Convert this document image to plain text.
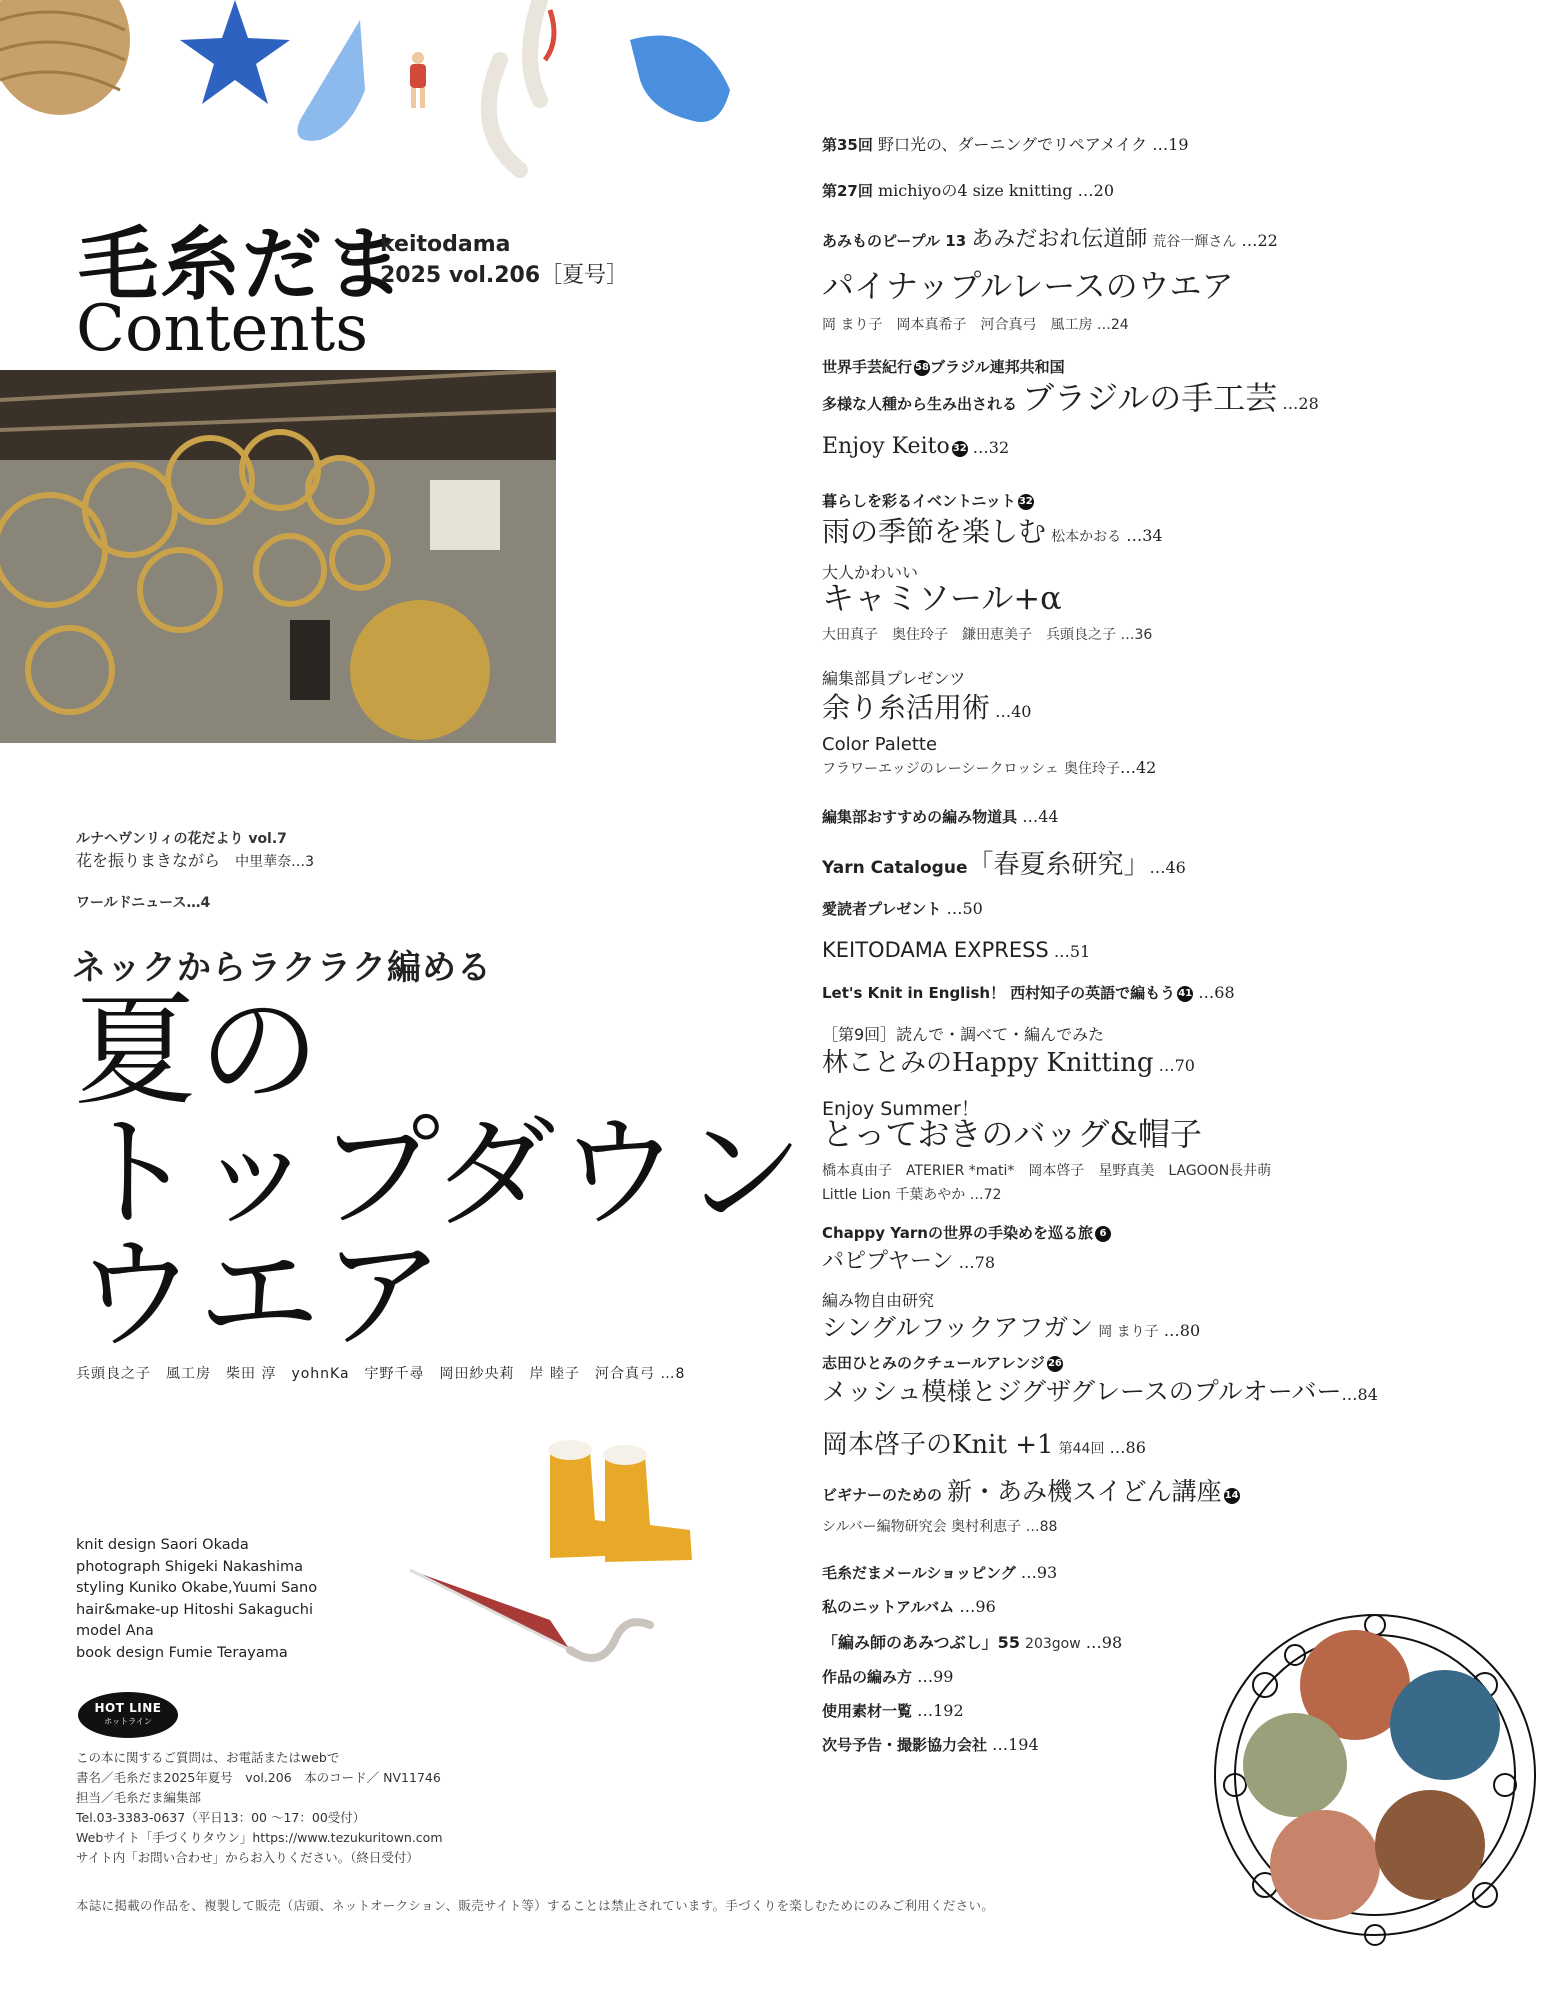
毛糸だま
keitodama
2025 vol.206［夏号］
Contents
ルナヘヴンリィの花だより vol.7
花を振りまきながら 中里華奈…3
ワールドニュース…4
ネックからラクラク編める
夏の
トップダウン
ウエア
兵頭良之子　風工房　柴田 淳　yohnKa　宇野千尋　岡田紗央莉　岸 睦子　河合真弓 …8
knit design Saori Okada
photograph Shigeki Nakashima
styling Kuniko Okabe,Yuumi Sano
hair&make-up Hitoshi Sakaguchi
model Ana
book design Fumie Terayama
HOT LINE
ホットライン
この本に関するご質問は、お電話またはwebで
書名／毛糸だま2025年夏号　vol.206　本のコード／ NV11746
担当／毛糸だま編集部
Tel.03-3383-0637（平日13：00 〜17：00受付）
Webサイト「手づくりタウン」https://www.tezukuritown.com
サイト内「お問い合わせ」からお入りください。（終日受付）
本誌に掲載の作品を、複製して販売（店頭、ネットオークション、販売サイト等）することは禁止されています。手づくりを楽しむためにのみご利用ください。
第35回 野口光の、ダーニングでリペアメイク …19
第27回 michiyoの4 size knitting …20
あみものピープル 13 あみだおれ伝道師 荒谷一輝さん …22
パイナップルレースのウエア
岡 まり子　岡本真希子　河合真弓　風工房 …24
世界手芸紀行 58ブラジル連邦共和国
多様な人種から生み出される ブラジルの手工芸 …28
Enjoy Keito 32 …32
暮らしを彩るイベントニット 32
雨の季節を楽しむ 松本かおる …34
大人かわいい
キャミソール+α
大田真子　奥住玲子　鎌田恵美子　兵頭良之子 …36
編集部員プレゼンツ
余り糸活用術 …40
Color Palette
フラワーエッジのレーシークロッシェ 奥住玲子…42
編集部おすすめの編み物道具 …44
Yarn Catalogue「春夏糸研究」…46
愛読者プレゼント …50
KEITODAMA EXPRESS …51
Let's Knit in English！ 西村知子の英語で編もう 41 …68
［第9回］読んで・調べて・編んでみた
林ことみのHappy Knitting …70
Enjoy Summer！
とっておきのバッグ&帽子
橋本真由子　ATERIER *mati*　岡本啓子　星野真美　LAGOON長井萌
Little Lion 千葉あやか …72
Chappy Yarnの世界の手染めを巡る旅 6
パピプヤーン …78
編み物自由研究
シングルフックアフガン 岡 まり子 …80
志田ひとみのクチュールアレンジ 26
メッシュ模様とジグザグレースのプルオーバー…84
岡本啓子のKnit +1 第44回 …86
ビギナーのための 新・あみ機スイどん講座 14
シルバー編物研究会 奥村利恵子 …88
毛糸だまメールショッピング …93
私のニットアルバム …96
「編み師のあみつぶし」55 203gow …98
作品の編み方 …99
使用素材一覧 …192
次号予告・撮影協力会社 …194
